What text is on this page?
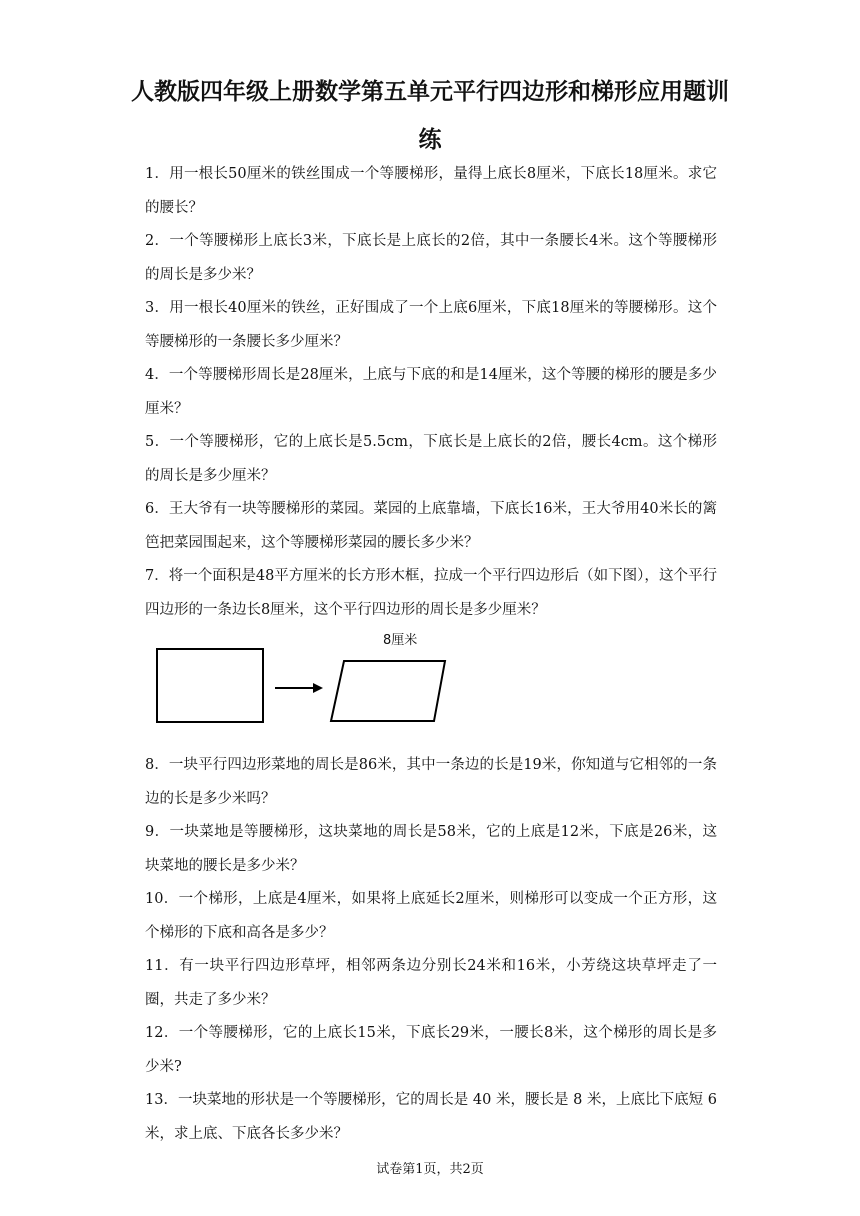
人教版四年级上册数学第五单元平行四边形和梯形应用题训练

1．用一根长50厘米的铁丝围成一个等腰梯形，量得上底长8厘米，下底长18厘米。求它的腰长？

2．一个等腰梯形上底长3米，下底长是上底长的2倍，其中一条腰长4米。这个等腰梯形的周长是多少米？

3．用一根长40厘米的铁丝，正好围成了一个上底6厘米，下底18厘米的等腰梯形。这个等腰梯形的一条腰长多少厘米？

4．一个等腰梯形周长是28厘米，上底与下底的和是14厘米，这个等腰的梯形的腰是多少厘米？

5．一个等腰梯形，它的上底长是5.5cm，下底长是上底长的2倍，腰长4cm。这个梯形的周长是多少厘米？

6．王大爷有一块等腰梯形的菜园。菜园的上底靠墙，下底长16米，王大爷用40米长的篱笆把菜园围起来，这个等腰梯形菜园的腰长多少米？

7．将一个面积是48平方厘米的长方形木框，拉成一个平行四边形后（如下图），这个平行四边形的一条边长8厘米，这个平行四边形的周长是多少厘米？

8厘米

8．一块平行四边形菜地的周长是86米，其中一条边的长是19米，你知道与它相邻的一条边的长是多少米吗？

9．一块菜地是等腰梯形，这块菜地的周长是58米，它的上底是12米，下底是26米，这块菜地的腰长是多少米？

10．一个梯形，上底是4厘米，如果将上底延长2厘米，则梯形可以变成一个正方形，这个梯形的下底和高各是多少？

11．有一块平行四边形草坪，相邻两条边分别长24米和16米，小芳绕这块草坪走了一圈，共走了多少米？

12．一个等腰梯形，它的上底长15米，下底长29米，一腰长8米，这个梯形的周长是多少米?

13．一块菜地的形状是一个等腰梯形，它的周长是 40 米，腰长是 8 米，上底比下底短 6 米，求上底、下底各长多少米？

试卷第1页，共2页
